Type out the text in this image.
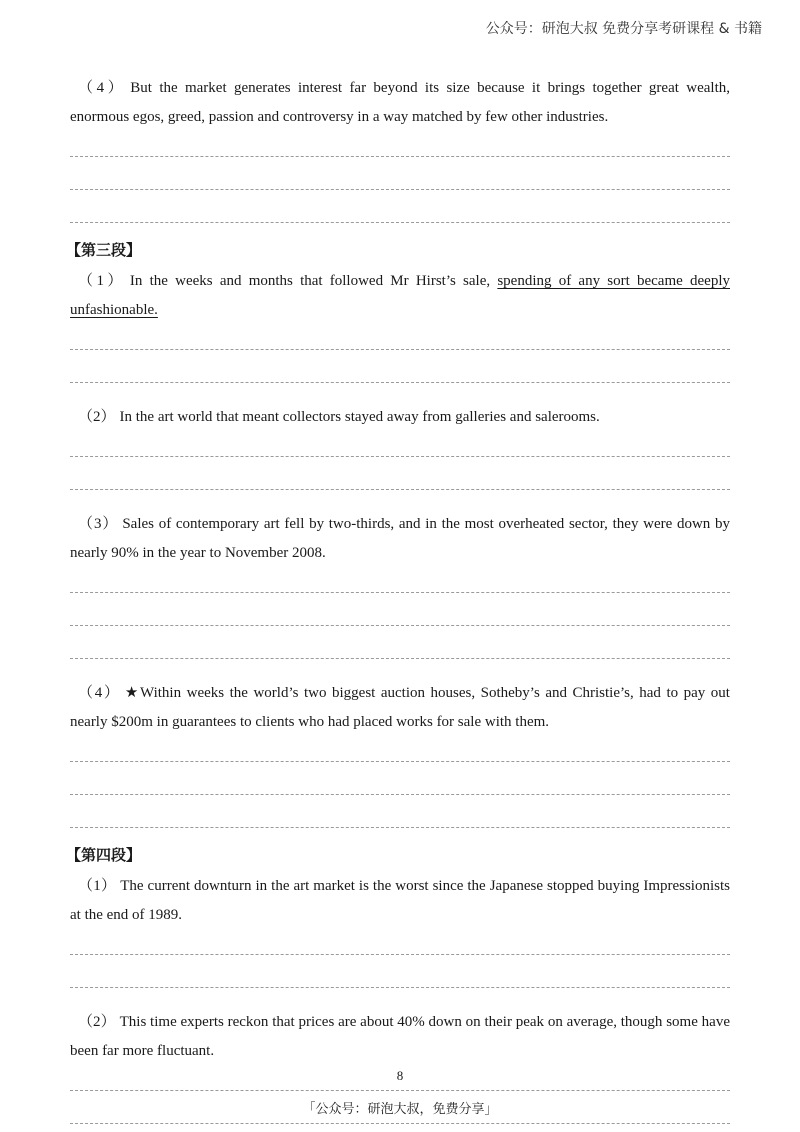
公众号：研泡大叔 免费分享考研课程 & 书籍

（4） But the market generates interest far beyond its size because it brings together great wealth, enormous egos, greed, passion and controversy in a way matched by few other industries.

【第三段】

（1） In the weeks and months that followed Mr Hirst’s sale, spending of any sort became deeply unfashionable.

（2） In the art world that meant collectors stayed away from galleries and salerooms.

（3） Sales of contemporary art fell by two-thirds, and in the most overheated sector, they were down by nearly 90% in the year to November 2008.

（4） ★Within weeks the world’s two biggest auction houses, Sotheby’s and Christie’s, had to pay out nearly $200m in guarantees to clients who had placed works for sale with them.

【第四段】

（1） The current downturn in the art market is the worst since the Japanese stopped buying Impressionists at the end of 1989.

（2） This time experts reckon that prices are about 40% down on their peak on average, though some have been far more fluctuant.

8
「公众号：研泡大叔，免费分享」
